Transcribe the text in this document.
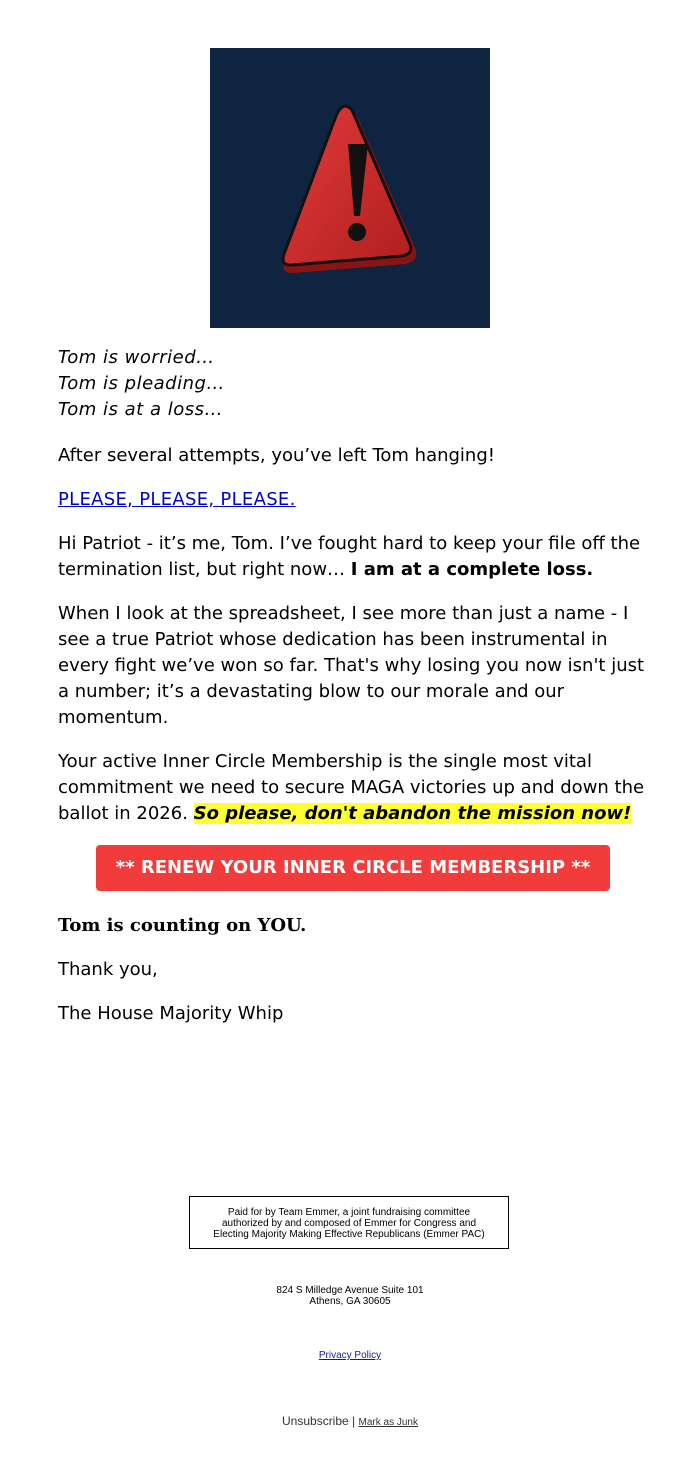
Tom is worried…
Tom is pleading…
Tom is at a loss…

After several attempts, you’ve left Tom hanging!

PLEASE, PLEASE, PLEASE.

Hi Patriot - it’s me, Tom. I’ve fought hard to keep your file off the termination list, but right now… I am at a complete loss.

When I look at the spreadsheet, I see more than just a name - I see a true Patriot whose dedication has been instrumental in every fight we’ve won so far. That's why losing you now isn't just a number; it’s a devastating blow to our morale and our momentum.

Your active Inner Circle Membership is the single most vital commitment we need to secure MAGA victories up and down the ballot in 2026. So please, don't abandon the mission now!

** RENEW YOUR INNER CIRCLE MEMBERSHIP **

Tom is counting on YOU.

Thank you,

The House Majority Whip

Paid for by Team Emmer, a joint fundraising committee
authorized by and composed of Emmer for Congress and
Electing Majority Making Effective Republicans (Emmer PAC)
824 S Milledge Avenue Suite 101
Athens, GA 30605
Privacy Policy
Unsubscribe | Mark as Junk
